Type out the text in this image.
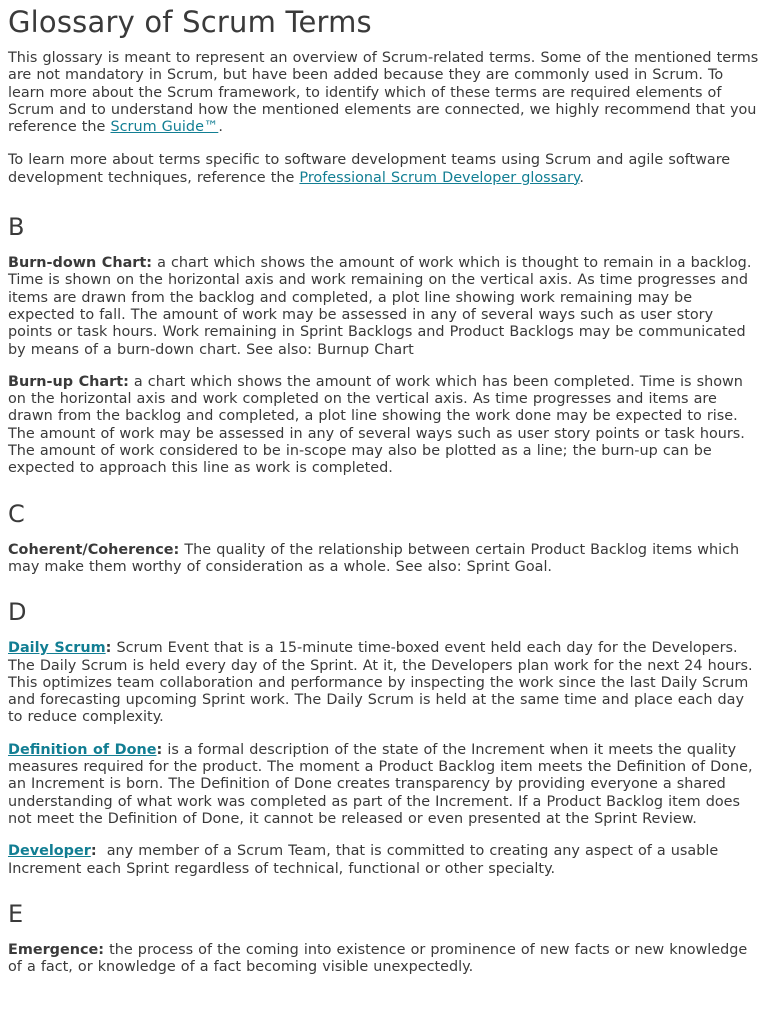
Glossary of Scrum Terms

This glossary is meant to represent an overview of Scrum-related terms. Some of the mentioned terms are not mandatory in Scrum, but have been added because they are commonly used in Scrum. To learn more about the Scrum framework, to identify which of these terms are required elements of Scrum and to understand how the mentioned elements are connected, we highly recommend that you reference the Scrum Guide™.

To learn more about terms specific to software development teams using Scrum and agile software development techniques, reference the Professional Scrum Developer glossary.

B

Burn-down Chart: a chart which shows the amount of work which is thought to remain in a backlog. Time is shown on the horizontal axis and work remaining on the vertical axis. As time progresses and items are drawn from the backlog and completed, a plot line showing work remaining may be expected to fall. The amount of work may be assessed in any of several ways such as user story points or task hours. Work remaining in Sprint Backlogs and Product Backlogs may be communicated by means of a burn-down chart. See also: Burnup Chart

Burn-up Chart: a chart which shows the amount of work which has been completed. Time is shown on the horizontal axis and work completed on the vertical axis. As time progresses and items are drawn from the backlog and completed, a plot line showing the work done may be expected to rise. The amount of work may be assessed in any of several ways such as user story points or task hours. The amount of work considered to be in-scope may also be plotted as a line; the burn-up can be expected to approach this line as work is completed.

C

Coherent/Coherence: The quality of the relationship between certain Product Backlog items which may make them worthy of consideration as a whole. See also: Sprint Goal.

D

Daily Scrum: Scrum Event that is a 15-minute time-boxed event held each day for the Developers. The Daily Scrum is held every day of the Sprint. At it, the Developers plan work for the next 24 hours. This optimizes team collaboration and performance by inspecting the work since the last Daily Scrum and forecasting upcoming Sprint work. The Daily Scrum is held at the same time and place each day to reduce complexity.

Definition of Done: is a formal description of the state of the Increment when it meets the quality measures required for the product. The moment a Product Backlog item meets the Definition of Done, an Increment is born. The Definition of Done creates transparency by providing everyone a shared understanding of what work was completed as part of the Increment. If a Product Backlog item does not meet the Definition of Done, it cannot be released or even presented at the Sprint Review.

Developer:  any member of a Scrum Team, that is committed to creating any aspect of a usable Increment each Sprint regardless of technical, functional or other specialty.

E

Emergence: the process of the coming into existence or prominence of new facts or new knowledge of a fact, or knowledge of a fact becoming visible unexpectedly.
